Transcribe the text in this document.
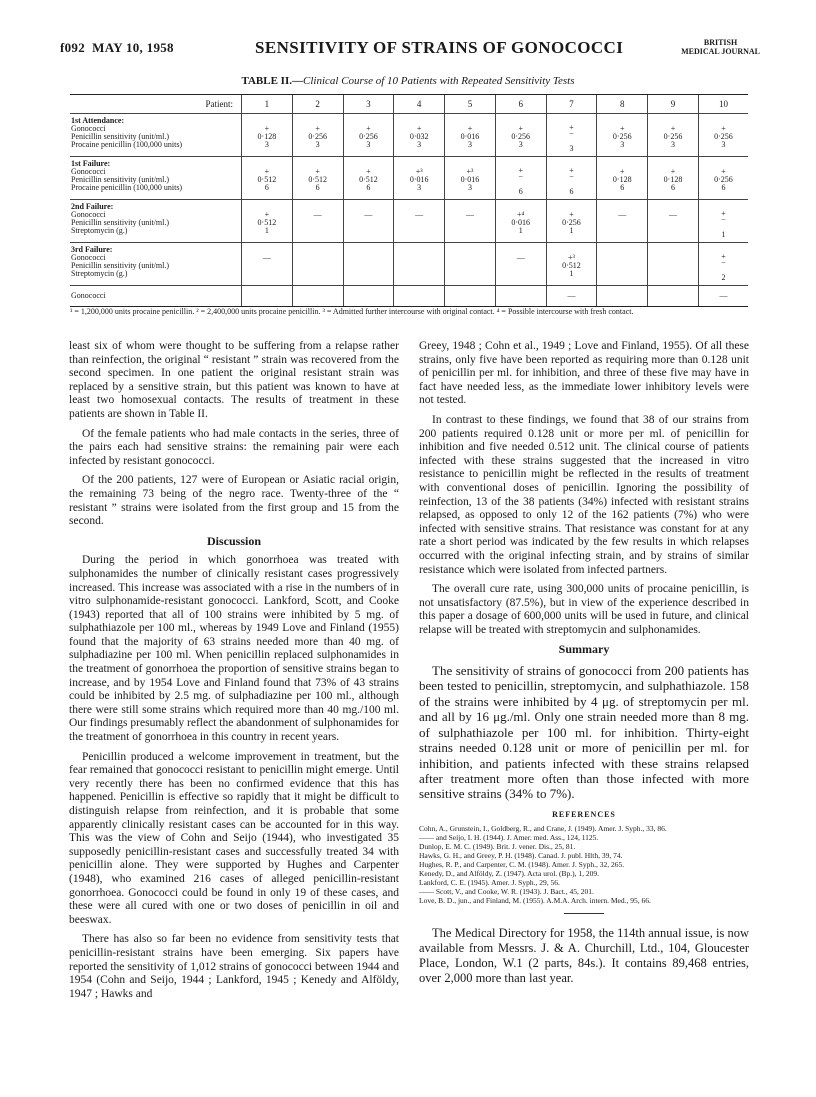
f092 MAY 10, 1958	SENSITIVITY OF STRAINS OF GONOCOCCI	BRITISH
MEDICAL JOURNAL
TABLE II.—Clinical Course of 10 Patients with Repeated Sensitivity Tests
Patient:	1	2	3	4	5	6	7	8	9	10

1st Attendance:
Gonococci
Penicillin sensitivity (unit/ml.)
Procaine penicillin (100,000 units)	+
0·128
3	+
0·256
3	+
0·256
3	+
0·032
3	+
0·016
3	+
0·256
3	+
−
3	+
0·256
3	+
0·256
3	+
0·256
3

1st Failure:
Gonococci
Penicillin sensitivity (unit/ml.)
Procaine penicillin (100,000 units)	+
0·512
6	+
0·512
6	+
0·512
6	+³
0·016
3	+³
0·016
3	+
−
6	+
−
6	+
0·128
6	+
0·128
6	+
0·256
6

2nd Failure:
Gonococci
Penicillin sensitivity (unit/ml.)
Streptomycin (g.)	+
0·512
1	—	—	—	—	+⁴
0·016
1	+
0·256
1	—	—	+
−
1

3rd Failure:
Gonococci
Penicillin sensitivity (unit/ml.)
Streptomycin (g.)	—					—	+³
0·512
1			+
−
2

Gonococci							—			—
¹ = 1,200,000 units procaine penicillin. ² = 2,400,000 units procaine penicillin. ³ = Admitted further intercourse with original contact. ⁴ = Possible intercourse with fresh contact.

least six of whom were thought to be suffering from a relapse rather than reinfection, the original “ resistant ” strain was recovered from the second specimen. In one patient the original resistant strain was replaced by a sensitive strain, but this patient was known to have at least two homosexual contacts. The results of treatment in these patients are shown in Table II.

Of the female patients who had male contacts in the series, three of the pairs each had sensitive strains: the remaining pair were each infected by resistant gonococci.

Of the 200 patients, 127 were of European or Asiatic racial origin, the remaining 73 being of the negro race. Twenty-three of the “ resistant ” strains were isolated from the first group and 15 from the second.

Discussion

During the period in which gonorrhoea was treated with sulphonamides the number of clinically resistant cases progressively increased. This increase was associated with a rise in the numbers of in vitro sulphonamide-resistant gonococci. Lankford, Scott, and Cooke (1943) reported that all of 100 strains were inhibited by 5 mg. of sulphathiazole per 100 ml., whereas by 1949 Love and Finland (1955) found that the majority of 63 strains needed more than 40 mg. of sulphadiazine per 100 ml. When penicillin replaced sulphonamides in the treatment of gonorrhoea the proportion of sensitive strains began to increase, and by 1954 Love and Finland found that 73% of 43 strains could be inhibited by 2.5 mg. of sulphadiazine per 100 ml., although there were still some strains which required more than 40 mg./100 ml. Our findings presumably reflect the abandonment of sulphonamides for the treatment of gonorrhoea in this country in recent years.

Penicillin produced a welcome improvement in treatment, but the fear remained that gonococci resistant to penicillin might emerge. Until very recently there has been no confirmed evidence that this has happened. Penicillin is effective so rapidly that it might be difficult to distinguish relapse from reinfection, and it is probable that some apparently clinically resistant cases can be accounted for in this way. This was the view of Cohn and Seijo (1944), who investigated 35 supposedly penicillin-resistant cases and successfully treated 34 with penicillin alone. They were supported by Hughes and Carpenter (1948), who examined 216 cases of alleged penicillin-resistant gonorrhoea. Gonococci could be found in only 19 of these cases, and these were all cured with one or two doses of penicillin in oil and beeswax.

There has also so far been no evidence from sensitivity tests that penicillin-resistant strains have been emerging. Six papers have reported the sensitivity of 1,012 strains of gonococci between 1944 and 1954 (Cohn and Seijo, 1944 ; Lankford, 1945 ; Kenedy and Alföldy, 1947 ; Hawks and

Greey, 1948 ; Cohn et al., 1949 ; Love and Finland, 1955). Of all these strains, only five have been reported as requiring more than 0.128 unit of penicillin per ml. for inhibition, and three of these five may have in fact have needed less, as the immediate lower inhibitory levels were not tested.

In contrast to these findings, we found that 38 of our strains from 200 patients required 0.128 unit or more per ml. of penicillin for inhibition and five needed 0.512 unit. The clinical course of patients infected with these strains suggested that the increased in vitro resistance to penicillin might be reflected in the results of treatment with conventional doses of penicillin. Ignoring the possibility of reinfection, 13 of the 38 patients (34%) infected with resistant strains relapsed, as opposed to only 12 of the 162 patients (7%) who were infected with sensitive strains. That resistance was constant for at any rate a short period was indicated by the few results in which relapses occurred with the original infecting strain, and by strains of similar resistance which were isolated from infected partners.

The overall cure rate, using 300,000 units of procaine penicillin, is not unsatisfactory (87.5%), but in view of the experience described in this paper a dosage of 600,000 units will be used in future, and clinical relapse will be treated with streptomycin and sulphonamides.

Summary

The sensitivity of strains of gonococci from 200 patients has been tested to penicillin, streptomycin, and sulphathiazole. 158 of the strains were inhibited by 4 μg. of streptomycin per ml. and all by 16 μg./ml. Only one strain needed more than 8 mg. of sulphathiazole per 100 ml. for inhibition. Thirty-eight strains needed 0.128 unit or more of penicillin per ml. for inhibition, and patients infected with these strains relapsed after treatment more often than those infected with more sensitive strains (34% to 7%).

REFERENCES
Cohn, A., Grunstein, I., Goldberg, R., and Crane, J. (1949). Amer. J. Syph., 33, 86.
—— and Seijo, I. H. (1944). J. Amer. med. Ass., 124, 1125.
Dunlop, E. M. C. (1949). Brit. J. vener. Dis., 25, 81.
Hawks, G. H., and Greey, P. H. (1948). Canad. J. publ. Hlth, 39, 74.
Hughes, R. P., and Carpenter, C. M. (1948). Amer. J. Syph., 32, 265.
Kenedy, D., and Alföldy, Z. (1947). Acta urol. (Bp.), 1, 209.
Lankford, C. E. (1945). Amer. J. Syph., 29, 56.
—— Scott, V., and Cooke, W. R. (1943). J. Bact., 45, 201.
Love, B. D., jun., and Finland, M. (1955). A.M.A. Arch. intern. Med., 95, 66.

The Medical Directory for 1958, the 114th annual issue, is now available from Messrs. J. & A. Churchill, Ltd., 104, Gloucester Place, London, W.1 (2 parts, 84s.). It contains 89,468 entries, over 2,000 more than last year.
